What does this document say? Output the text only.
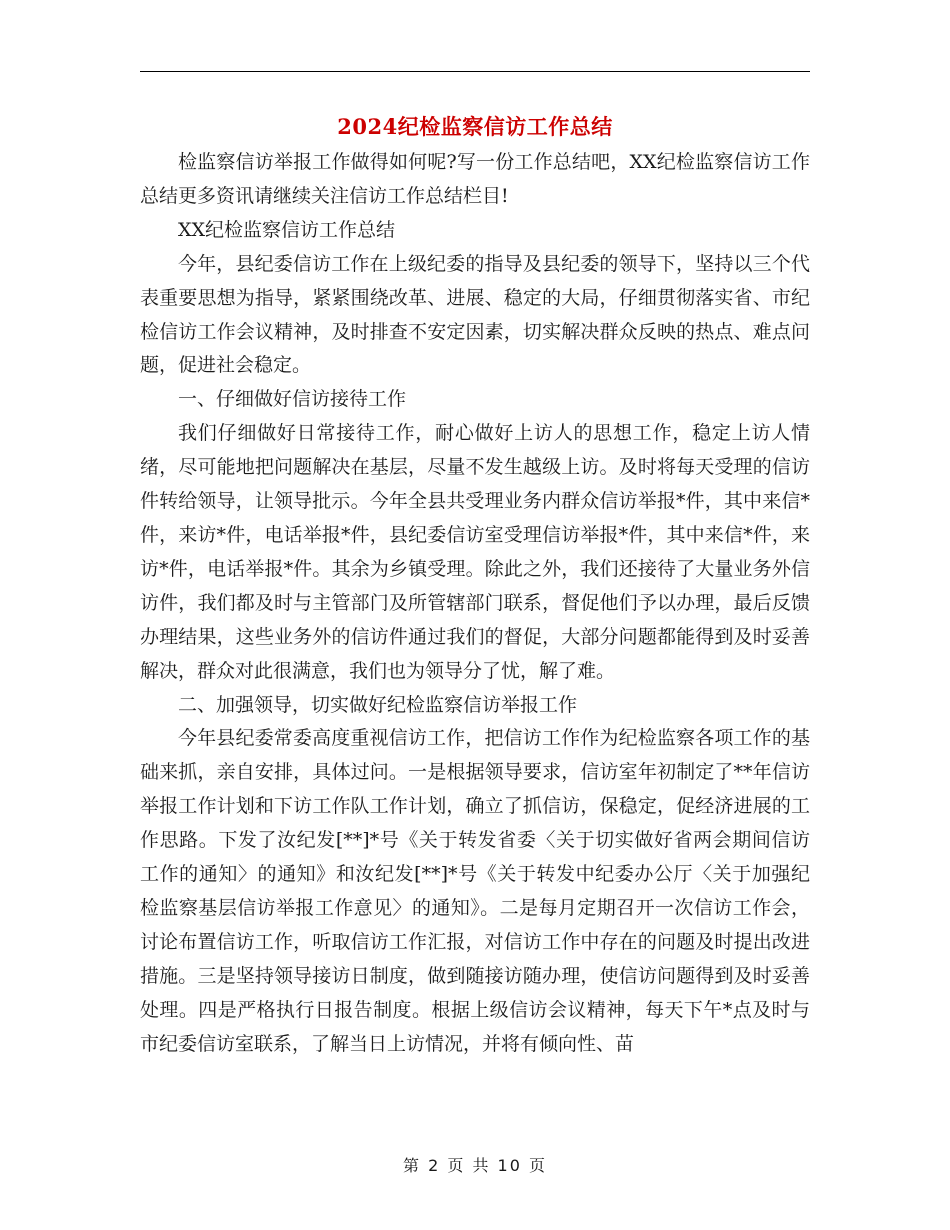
2024纪检监察信访工作总结

检监察信访举报工作做得如何呢?写一份工作总结吧，XX纪检监察信访工作总结更多资讯请继续关注信访工作总结栏目!

XX纪检监察信访工作总结

今年，县纪委信访工作在上级纪委的指导及县纪委的领导下，坚持以三个代表重要思想为指导，紧紧围绕改革、进展、稳定的大局，仔细贯彻落实省、市纪检信访工作会议精神，及时排查不安定因素，切实解决群众反映的热点、难点问题，促进社会稳定。

一、仔细做好信访接待工作

我们仔细做好日常接待工作，耐心做好上访人的思想工作，稳定上访人情绪，尽可能地把问题解决在基层，尽量不发生越级上访。及时将每天受理的信访件转给领导，让领导批示。今年全县共受理业务内群众信访举报*件，其中来信*件，来访*件，电话举报*件，县纪委信访室受理信访举报*件，其中来信*件，来访*件，电话举报*件。其余为乡镇受理。除此之外，我们还接待了大量业务外信访件，我们都及时与主管部门及所管辖部门联系，督促他们予以办理，最后反馈办理结果，这些业务外的信访件通过我们的督促，大部分问题都能得到及时妥善解决，群众对此很满意，我们也为领导分了忧，解了难。

二、加强领导，切实做好纪检监察信访举报工作

今年县纪委常委高度重视信访工作，把信访工作作为纪检监察各项工作的基础来抓，亲自安排，具体过问。一是根据领导要求，信访室年初制定了**年信访举报工作计划和下访工作队工作计划，确立了抓信访，保稳定，促经济进展的工作思路。下发了汝纪发[**]*号《关于转发省委〈关于切实做好省两会期间信访工作的通知〉的通知》和汝纪发[**]*号《关于转发中纪委办公厅〈关于加强纪检监察基层信访举报工作意见〉的通知》。二是每月定期召开一次信访工作会，讨论布置信访工作，听取信访工作汇报，对信访工作中存在的问题及时提出改进措施。三是坚持领导接访日制度，做到随接访随办理，使信访问题得到及时妥善处理。四是严格执行日报告制度。根据上级信访会议精神，每天下午*点及时与市纪委信访室联系，了解当日上访情况，并将有倾向性、苗

第 2 页 共 10 页
